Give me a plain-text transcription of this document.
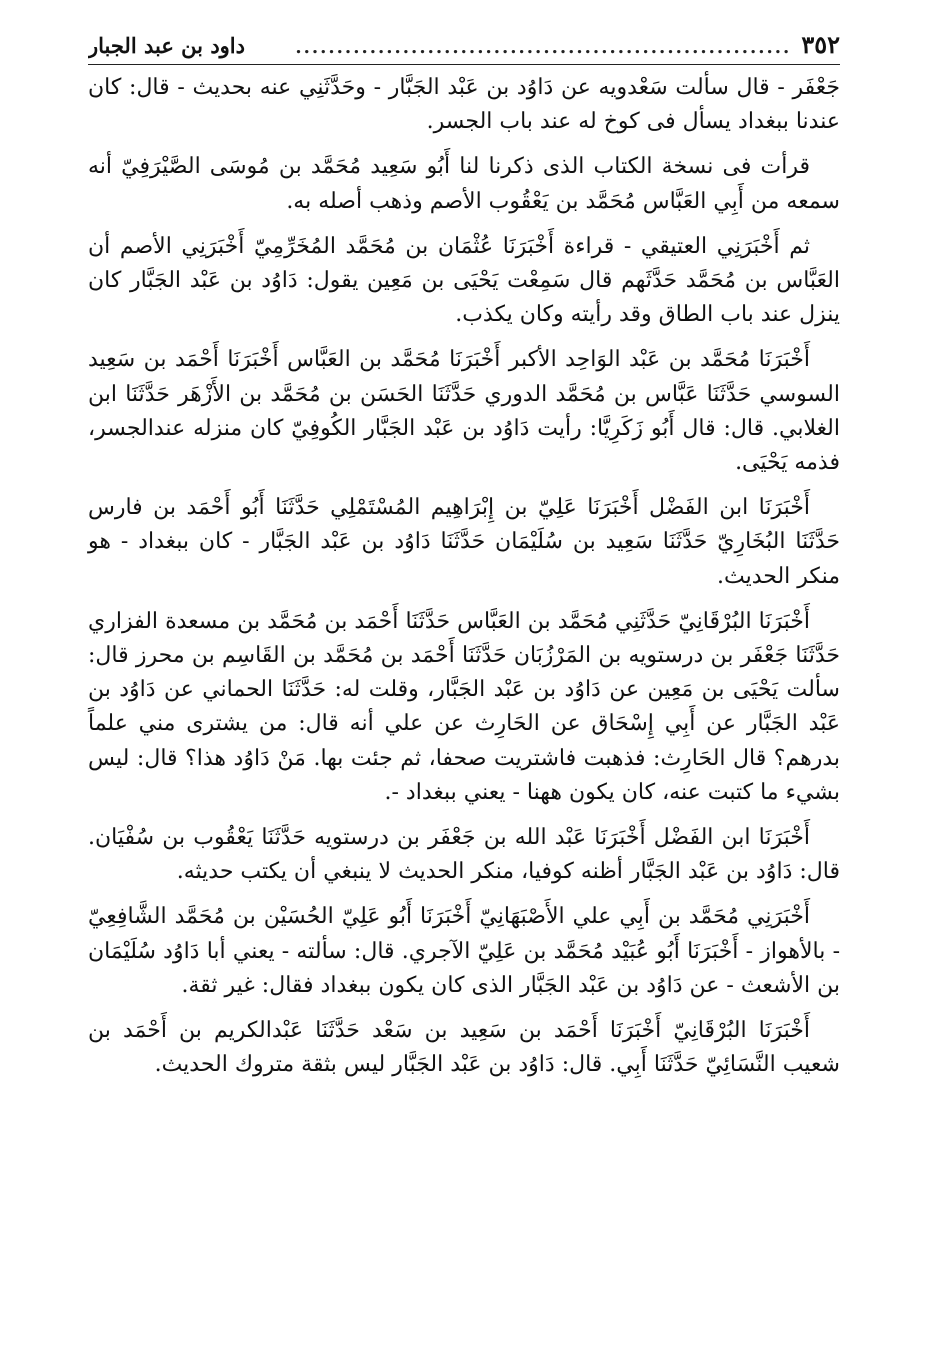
٣٥٢
............................................................
داود بن عبد الجبار

جَعْفَر - قال سألت سَعْدويه عن دَاوُد بن عَبْد الجَبَّار - وحَدَّثَنِي عنه بحديث - قال: كان عندنا ببغداد يسأل فى كوخ له عند باب الجسر.

قرأت فى نسخة الكتاب الذى ذكرنا لنا أَبُو سَعِيد مُحَمَّد بن مُوسَى الصَّيْرَفِيّ أنه سمعه من أَبِي العَبَّاس مُحَمَّد بن يَعْقُوب الأصم وذهب أصله به.

ثم أَخْبَرَنِي العتيقي - قراءة أَخْبَرَنَا عُثْمَان بن مُحَمَّد المُخَرِّمِيّ أَخْبَرَنِي الأصم أن العَبَّاس بن مُحَمَّد حَدَّثَهم قال سَمِعْت يَحْيَى بن مَعِين يقول: دَاوُد بن عَبْد الجَبَّار كان ينزل عند باب الطاق وقد رأيته وكان يكذب.

أَخْبَرَنَا مُحَمَّد بن عَبْد الوَاحِد الأكبر أَخْبَرَنَا مُحَمَّد بن العَبَّاس أَخْبَرَنَا أَحْمَد بن سَعِيد السوسي حَدَّثَنَا عَبَّاس بن مُحَمَّد الدوري حَدَّثَنَا الحَسَن بن مُحَمَّد بن الأَزْهَر حَدَّثَنَا ابن الغلابي. قال: قال أَبُو زَكَرِيَّا: رأيت دَاوُد بن عَبْد الجَبَّار الكُوفِيّ كان منزله عندالجسر، فذمه يَحْيَى.

أَخْبَرَنَا ابن الفَضْل أَخْبَرَنَا عَلِيّ بن إِبْرَاهِيم المُسْتَمْلِي حَدَّثَنَا أَبُو أَحْمَد بن فارس حَدَّثَنَا البُخَارِيّ حَدَّثَنَا سَعِيد بن سُلَيْمَان حَدَّثَنَا دَاوُد بن عَبْد الجَبَّار - كان ببغداد - هو منكر الحديث.

أَخْبَرَنَا البُرْقَانِيّ حَدَّثَنِي مُحَمَّد بن العَبَّاس حَدَّثَنَا أَحْمَد بن مُحَمَّد بن مسعدة الفزاري حَدَّثَنَا جَعْفَر بن درستويه بن المَرْزُبَان حَدَّثَنَا أَحْمَد بن مُحَمَّد بن القَاسِم بن محرز قال: سألت يَحْيَى بن مَعِين عن دَاوُد بن عَبْد الجَبَّار، وقلت له: حَدَّثَنَا الحماني عن دَاوُد بن عَبْد الجَبَّار عن أَبِي إِسْحَاق عن الحَارِث عن علي أنه قال: من يشترى مني علماً بدرهم؟ قال الحَارِث: فذهبت فاشتريت صحفا، ثم جئت بها. مَنْ دَاوُد هذا؟ قال: ليس بشيء ما كتبت عنه، كان يكون ههنا - يعني ببغداد -.

أَخْبَرَنَا ابن الفَضْل أَخْبَرَنَا عَبْد الله بن جَعْفَر بن درستويه حَدَّثَنَا يَعْقُوب بن سُفْيَان. قال: دَاوُد بن عَبْد الجَبَّار أظنه كوفيا، منكر الحديث لا ينبغي أن يكتب حديثه.

أَخْبَرَنِي مُحَمَّد بن أَبِي علي الأَصْبَهَانِيّ أَخْبَرَنَا أَبُو عَلِيّ الحُسَيْن بن مُحَمَّد الشَّافِعِيّ - بالأهواز - أَخْبَرَنَا أَبُو عُبَيْد مُحَمَّد بن عَلِيّ الآجري. قال: سألته - يعني أبا دَاوُد سُلَيْمَان بن الأشعث - عن دَاوُد بن عَبْد الجَبَّار الذى كان يكون ببغداد فقال: غير ثقة.

أَخْبَرَنَا البُرْقَانِيّ أَخْبَرَنَا أَحْمَد بن سَعِيد بن سَعْد حَدَّثَنَا عَبْدالكريم بن أَحْمَد بن شعيب النَّسَائِيّ حَدَّثَنَا أَبِي. قال: دَاوُد بن عَبْد الجَبَّار ليس بثقة متروك الحديث.
